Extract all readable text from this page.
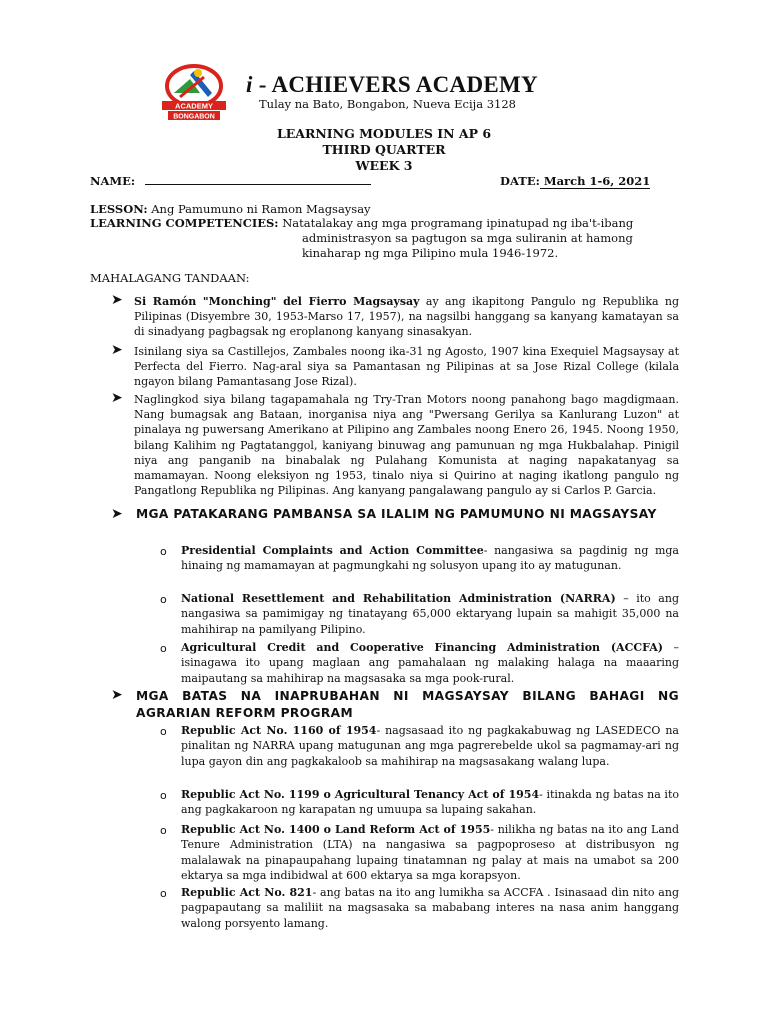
ACADEMY
BONGABON
i - ACHIEVERS ACADEMY
Tulay na Bato, Bongabon, Nueva Ecija 3128
LEARNING MODULES IN AP 6
THIRD QUARTER
WEEK 3
NAME:	DATE: March 1-6, 2021
LESSON: Ang Pamumuno ni Ramon Magsaysay
LEARNING COMPETENCIES: Natatalakay ang mga programang ipinatupad ng iba't-ibang
administrasyon sa pagtugon sa mga suliranin at hamong
kinaharap ng mga Pilipino mula 1946-1972.
MAHALAGANG TANDAAN:
➤ Si Ramón "Monching" del Fierro Magsaysay ay ang ikapitong Pangulo ng Republika ng Pilipinas (Disyembre 30, 1953-Marso 17, 1957), na nagsilbi hanggang sa kanyang kamatayan sa di sinadyang pagbagsak ng eroplanong kanyang sinasakyan.
➤ Isinilang siya sa Castillejos, Zambales noong ika-31 ng Agosto, 1907 kina Exequiel Magsaysay at Perfecta del Fierro. Nag-aral siya sa Pamantasan ng Pilipinas at sa Jose Rizal College (kilala ngayon bilang Pamantasang Jose Rizal).
➤ Naglingkod siya bilang tagapamahala ng Try-Tran Motors noong panahong bago magdigmaan. Nang bumagsak ang Bataan, inorganisa niya ang "Pwersang Gerilya sa Kanlurang Luzon" at pinalaya ng puwersang Amerikano at Pilipino ang Zambales noong Enero 26, 1945. Noong 1950, bilang Kalihim ng Pagtatanggol, kaniyang binuwag ang pamunuan ng mga Hukbalahap. Pinigil niya ang panganib na binabalak ng Pulahang Komunista at naging napakatanyag sa mamamayan. Noong eleksiyon ng 1953, tinalo niya si Quirino at naging ikatlong pangulo ng Pangatlong Republika ng Pilipinas. Ang kanyang pangalawang pangulo ay si Carlos P. Garcia.
➤ MGA PATAKARANG PAMBANSA SA ILALIM NG PAMUMUNO NI MAGSAYSAY
o Presidential Complaints and Action Committee- nangasiwa sa pagdinig ng mga hinaing ng mamamayan at pagmungkahi ng solusyon upang ito ay matugunan.
o National Resettlement and Rehabilitation Administration (NARRA) – ito ang nangasiwa sa pamimigay ng tinatayang 65,000 ektaryang lupain sa mahigit 35,000 na mahihirap na pamilyang Pilipino.
o Agricultural Credit and Cooperative Financing Administration (ACCFA) – isinagawa ito upang maglaan ang pamahalaan ng malaking halaga na maaaring maipautang sa mahihirap na magsasaka sa mga pook-rural.
➤ MGA BATAS NA INAPRUBAHAN NI MAGSAYSAY BILANG BAHAGI NG AGRARIAN REFORM PROGRAM
o Republic Act No. 1160 of 1954- nagsasaad ito ng pagkakabuwag ng LASEDECO na pinalitan ng NARRA upang matugunan ang mga pagrerebelde ukol sa pagmamay-ari ng lupa gayon din ang pagkakaloob sa mahihirap na magsasakang walang lupa.
o Republic Act No. 1199 o Agricultural Tenancy Act of 1954- itinakda ng batas na ito ang pagkakaroon ng karapatan ng umuupa sa lupaing sakahan.
o Republic Act No. 1400 o Land Reform Act of 1955- nilikha ng batas na ito ang Land Tenure Administration (LTA) na nangasiwa sa pagpoproseso at distribusyon ng malalawak na pinapaupahang lupaing tinatamnan ng palay at mais na umabot sa 200 ektarya sa mga indibidwal at 600 ektarya sa mga korapsyon.
o Republic Act No. 821- ang batas na ito ang lumikha sa ACCFA . Isinasaad din nito ang pagpapautang sa maliliit na magsasaka sa mababang interes na nasa anim hanggang walong porsyento lamang.
